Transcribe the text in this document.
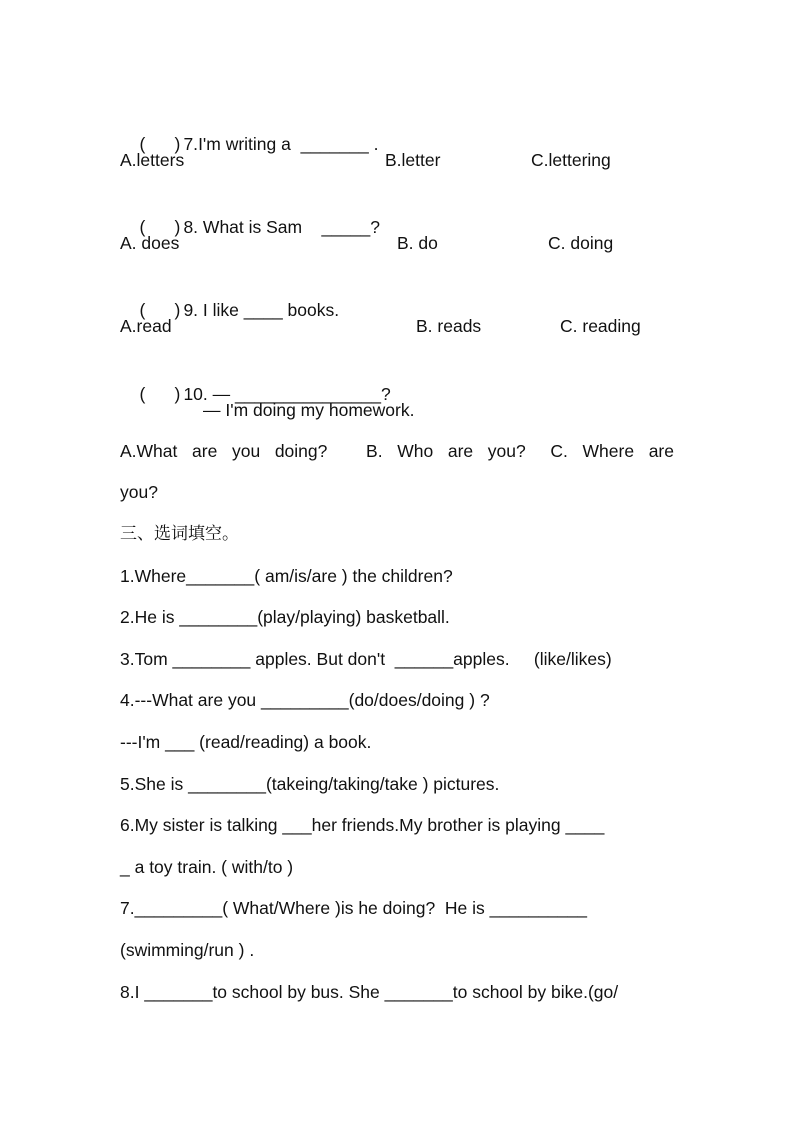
( ) 7.I'm writing a  _______ .

A.letters	B.letter	C.lettering

( ) 8. What is Sam    _____?

A. does	B. do	C. doing

( ) 9. I like ____ books.

A.read	B. reads	C. reading

( ) 10. — _______________?

— I'm doing my homework.
A.What are you doing? B. Who are you? C. Where are
you?
三、选词填空。
1.Where_______( am/is/are ) the children?
2.He is ________(play/playing) basketball.
3.Tom ________ apples. But don't  ______apples.     (like/likes)
4.---What are you _________(do/does/doing ) ?
---I'm ___ (read/reading) a book.
5.She is ________(takeing/taking/take ) pictures.
6.My sister is talking ___her friends.My brother is playing ____
_ a toy train. ( with/to )
7._________( What/Where )is he doing?  He is __________
(swimming/run ) .
8.I _______to school by bus. She _______to school by bike.(go/
